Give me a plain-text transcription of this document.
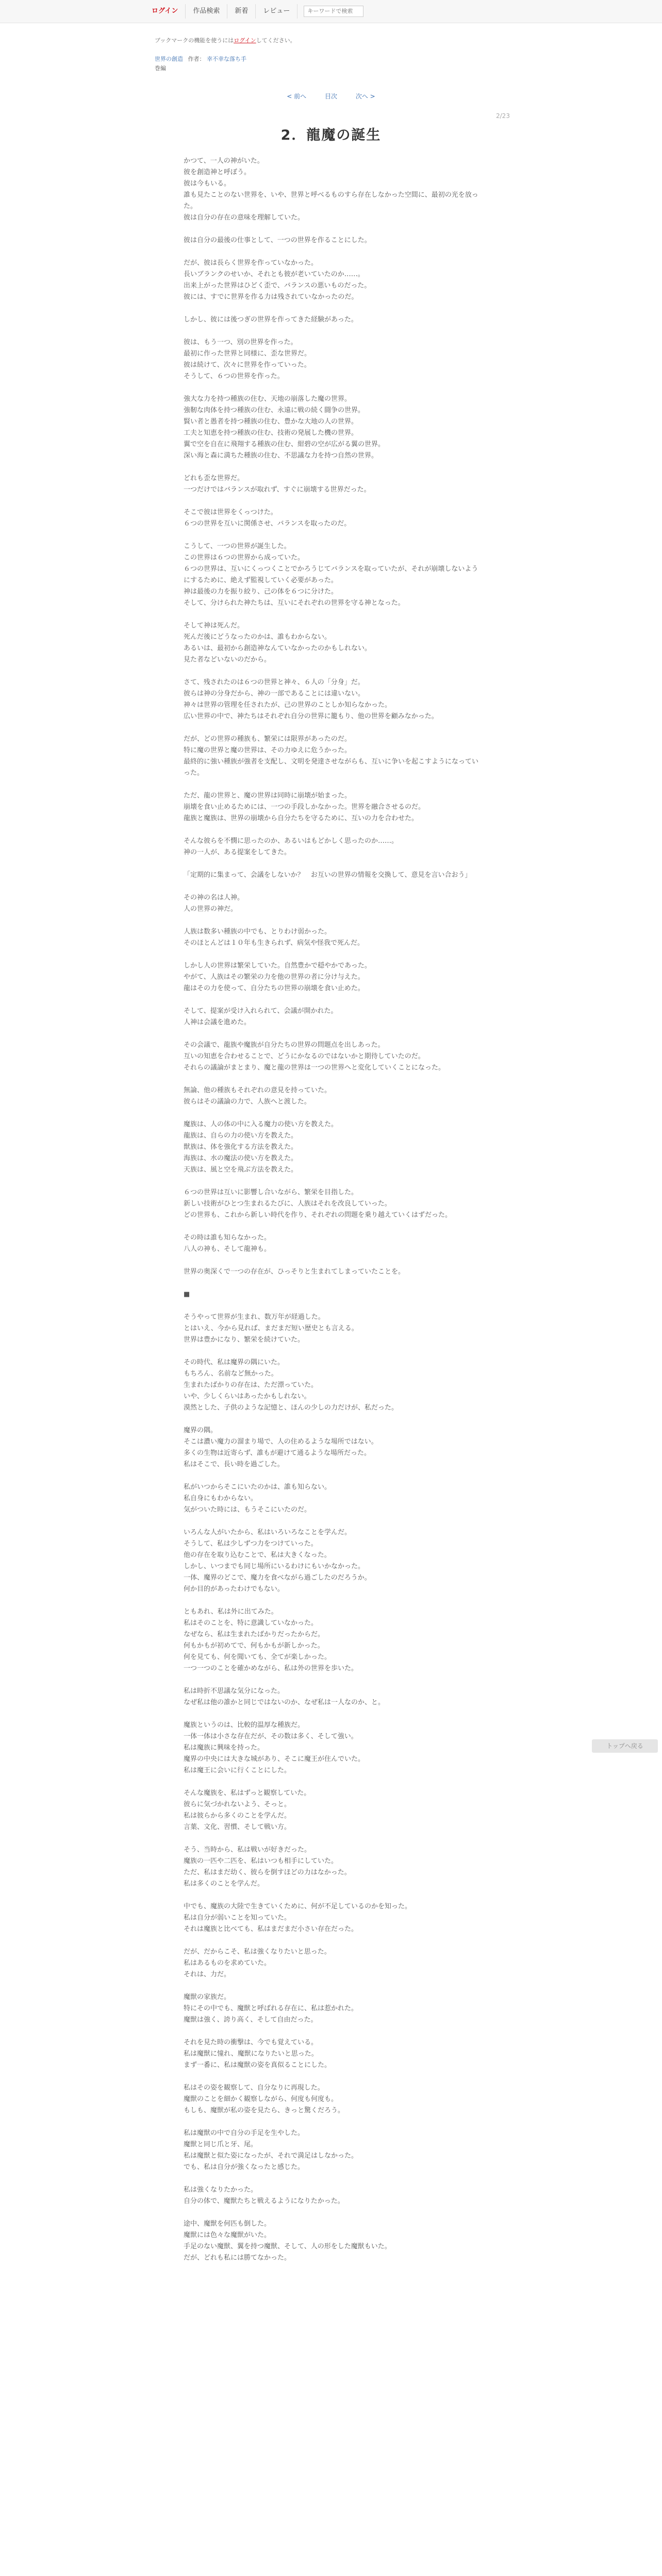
ログイン	作品検索	新着	レビュー
キーワードで検索
ブックマークの機能を使うにはログインしてください。
世界の創造 作者： 幸不幸な落ち手
巻編
< 前へ	目次	次へ >
2/23
2．龍魔の誕生

かつて、一人の神がいた。
彼を創造神と呼ぼう。
彼は今もいる。
誰も見たことのない世界を、いや、世界と呼べるものすら存在しなかった空間に、最初の光を放った。
彼は自分の存在の意味を理解していた。

彼は自分の最後の仕事として、一つの世界を作ることにした。

だが、彼は長らく世界を作っていなかった。
長いブランクのせいか、それとも彼が老いていたのか……。
出来上がった世界はひどく歪で、バランスの悪いものだった。
彼には、すでに世界を作る力は残されていなかったのだ。

しかし、彼には後つぎの世界を作ってきた経験があった。

彼は、もう一つ、別の世界を作った。
最初に作った世界と同様に、歪な世界だ。
彼は続けて、次々に世界を作っていった。
そうして、６つの世界を作った。

強大な力を持つ種族の住む、天地の崩落した魔の世界。
強靭な肉体を持つ種族の住む、永遠に戦の続く闘争の世界。
賢い者と愚者を持つ種族の住む、豊かな大地の人の世界。
工夫と知恵を持つ種族の住む、技術の発展した機の世界。
翼で空を自在に飛翔する種族の住む、紺碧の空が広がる翼の世界。
深い海と森に満ちた種族の住む、不思議な力を持つ自然の世界。

どれも歪な世界だ。
一つだけではバランスが取れず、すぐに崩壊する世界だった。

そこで彼は世界をくっつけた。
６つの世界を互いに関係させ、バランスを取ったのだ。

こうして、一つの世界が誕生した。
この世界は６つの世界から成っていた。
６つの世界は、互いにくっつくことでかろうじてバランスを取っていたが、それが崩壊しないようにするために、絶えず監視していく必要があった。
神は最後の力を振り絞り、己の体を６つに分けた。
そして、分けられた神たちは、互いにそれぞれの世界を守る神となった。

そして神は死んだ。
死んだ後にどうなったのかは、誰もわからない。
あるいは、最初から創造神なんていなかったのかもしれない。
見た者などいないのだから。

さて、残されたのは６つの世界と神々、６人の「分身」だ。
彼らは神の分身だから、神の一部であることには違いない。
神々は世界の管理を任されたが、己の世界のことしか知らなかった。
広い世界の中で、神たちはそれぞれ自分の世界に籠もり、他の世界を顧みなかった。

だが、どの世界の種族も、繁栄には限界があったのだ。
特に魔の世界と魔の世界は、その力ゆえに危うかった。
最終的に強い種族が強者を支配し、文明を発達させながらも、互いに争いを起こすようになっていった。

ただ、龍の世界と、魔の世界は同時に崩壊が始まった。
崩壊を食い止めるためには、一つの手段しかなかった。世界を融合させるのだ。
龍族と魔族は、世界の崩壊から自分たちを守るために、互いの力を合わせた。

そんな彼らを不憫に思ったのか、あるいはもどかしく思ったのか……。
神の一人が、ある提案をしてきた。

「定期的に集まって、会議をしないか？　お互いの世界の情報を交換して、意見を言い合おう」

その神の名は人神。
人の世界の神だ。

人族は数多い種族の中でも、とりわけ弱かった。
そのほとんどは１０年も生きられず、病気や怪我で死んだ。

しかし人の世界は繁栄していた。自然豊かで穏やかであった。
やがて、人族はその繁栄の力を他の世界の者に分け与えた。
龍はその力を使って、自分たちの世界の崩壊を食い止めた。

そして、提案が受け入れられて、会議が開かれた。
人神は会議を進めた。

その会議で、龍族や魔族が自分たちの世界の問題点を出しあった。
互いの知恵を合わせることで、どうにかなるのではないかと期待していたのだ。
それらの議論がまとまり、魔と龍の世界は一つの世界へと変化していくことになった。

無論、他の種族もそれぞれの意見を持っていた。
彼らはその議論の力で、人族へと渡した。

魔族は、人の体の中に入る魔力の使い方を教えた。
龍族は、自らの力の使い方を教えた。
獣族は、体を強化する方法を教えた。
海族は、水の魔法の使い方を教えた。
天族は、風と空を飛ぶ方法を教えた。

６つの世界は互いに影響し合いながら、繁栄を目指した。
新しい技術がひとつ生まれるたびに、人族はそれを改良していった。
どの世界も、これから新しい時代を作り、それぞれの問題を乗り越えていくはずだった。

その時は誰も知らなかった。
八人の神も、そして龍神も。

世界の奥深くで一つの存在が、ひっそりと生まれてしまっていたことを。

■

そうやって世界が生まれ、数万年が経過した。
とはいえ、今から見れば、まだまだ短い歴史とも言える。
世界は豊かになり、繁栄を続けていた。

その時代、私は魔界の隅にいた。
もちろん、名前など無かった。
生まれたばかりの存在は、ただ漂っていた。
いや、少しくらいはあったかもしれない。
漠然とした、子供のような記憶と、ほんの少しの力だけが、私だった。

魔界の隅。
そこは濃い魔力の溜まり場で、人の住めるような場所ではない。
多くの生物は近寄らず、誰もが避けて通るような場所だった。
私はそこで、長い時を過ごした。

私がいつからそこにいたのかは、誰も知らない。
私自身にもわからない。
気がついた時には、もうそこにいたのだ。

いろんな人がいたから、私はいろいろなことを学んだ。
そうして、私は少しずつ力をつけていった。
他の存在を取り込むことで、私は大きくなった。
しかし、いつまでも同じ場所にいるわけにもいかなかった。
一体、魔界のどこで、魔力を食べながら過ごしたのだろうか。
何か目的があったわけでもない。

ともあれ、私は外に出てみた。
私はそのことを、特に意識していなかった。
なぜなら、私は生まれたばかりだったからだ。
何もかもが初めてで、何もかもが新しかった。
何を見ても、何を聞いても、全てが楽しかった。
一つ一つのことを確かめながら、私は外の世界を歩いた。

私は時折不思議な気分になった。
なぜ私は他の誰かと同じではないのか、なぜ私は一人なのか、と。

魔族というのは、比較的温厚な種族だ。
一体一体は小さな存在だが、その数は多く、そして強い。
私は魔族に興味を持った。
魔界の中央には大きな城があり、そこに魔王が住んでいた。
私は魔王に会いに行くことにした。

そんな魔族を、私はずっと観察していた。
彼らに気づかれないよう、そっと。
私は彼らから多くのことを学んだ。
言葉、文化、習慣、そして戦い方。

そう、当時から、私は戦いが好きだった。
魔族の一匹や二匹を、私はいつも相手にしていた。
ただ、私はまだ幼く、彼らを倒すほどの力はなかった。
私は多くのことを学んだ。

中でも、魔族の大陸で生きていくために、何が不足しているのかを知った。
私は自分が弱いことを知っていた。
それは魔族と比べても、私はまだまだ小さい存在だった。

だが、だからこそ、私は強くなりたいと思った。
私はあるものを求めていた。
それは、力だ。

魔獣の家族だ。
特にその中でも、魔獣と呼ばれる存在に、私は惹かれた。
魔獣は強く、誇り高く、そして自由だった。

それを見た時の衝撃は、今でも覚えている。
私は魔獣に憧れ、魔獣になりたいと思った。
まず一番に、私は魔獣の姿を真似ることにした。

私はその姿を観察して、自分なりに再現した。
魔獣のことを細かく観察しながら、何度も何度も。
もしも、魔獣が私の姿を見たら、きっと驚くだろう。

私は魔獣の中で自分の手足を生やした。
魔獣と同じ爪と牙、尾。
私は魔獣と似た姿になったが、それで満足はしなかった。
でも、私は自分が強くなったと感じた。

私は強くなりたかった。
自分の体で、魔獣たちと戦えるようになりたかった。

途中、魔獣を何匹も倒した。
魔獣には色々な魔獣がいた。
手足のない魔獣、翼を持つ魔獣、そして、人の形をした魔獣もいた。
だが、どれも私には勝てなかった。

トップへ戻る
